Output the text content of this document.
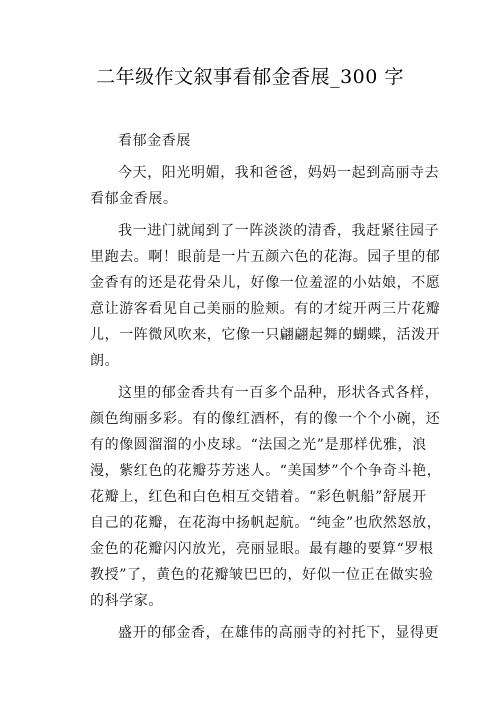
二年级作文叙事看郁金香展_300 字
看郁金香展
今天，阳光明媚，我和爸爸，妈妈一起到高丽寺去
看郁金香展。
我一进门就闻到了一阵淡淡的清香，我赶紧往园子
里跑去。啊！眼前是一片五颜六色的花海。园子里的郁
金香有的还是花骨朵儿，好像一位羞涩的小姑娘，不愿
意让游客看见自己美丽的脸颊。有的才绽开两三片花瓣
儿，一阵微风吹来，它像一只翩翩起舞的蝴蝶，活泼开
朗。
这里的郁金香共有一百多个品种，形状各式各样，
颜色绚丽多彩。有的像红酒杯，有的像一个个小碗，还
有的像圆溜溜的小皮球。“法国之光”是那样优雅，浪
漫，紫红色的花瓣芬芳迷人。“美国梦”个个争奇斗艳，
花瓣上，红色和白色相互交错着。“彩色帆船”舒展开
自己的花瓣，在花海中扬帆起航。“纯金”也欣然怒放，
金色的花瓣闪闪放光，亮丽显眼。最有趣的要算“罗根
教授”了，黄色的花瓣皱巴巴的，好似一位正在做实验
的科学家。
盛开的郁金香，在雄伟的高丽寺的衬托下，显得更
